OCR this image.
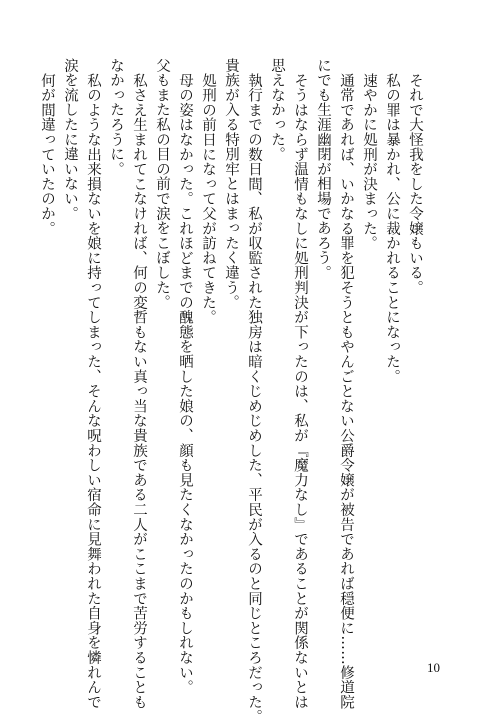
それで大怪我をした令嬢もいる。
私の罪は暴かれ、公に裁かれることになった。
速やかに処刑が決まった。
通常であれば、いかなる罪を犯そうともやんごとない公爵令嬢が被告であれば穏便に……修道院
にでも生涯幽閉が相場であろう。
そうはならず温情もなしに処刑判決が下ったのは、私が『魔力なし』であることが関係ないとは
思えなかった。
執行までの数日間、私が収監された独房は暗くじめじめした、平民が入るのと同じところだった。
貴族が入る特別牢とはまったく違う。
処刑の前日になって父が訪ねてきた。
母の姿はなかった。これほどまでの醜態を晒した娘の、顔も見たくなかったのかもしれない。
父もまた私の目の前で涙をこぼした。
私さえ生まれてこなければ、何の変哲もない真っ当な貴族である二人がここまで苦労することも
なかったろうに。
私のような出来損ないを娘に持ってしまった、そんな呪わしい宿命に見舞われた自身を憐れんで
涙を流したに違いない。
何が間違っていたのか。
10
